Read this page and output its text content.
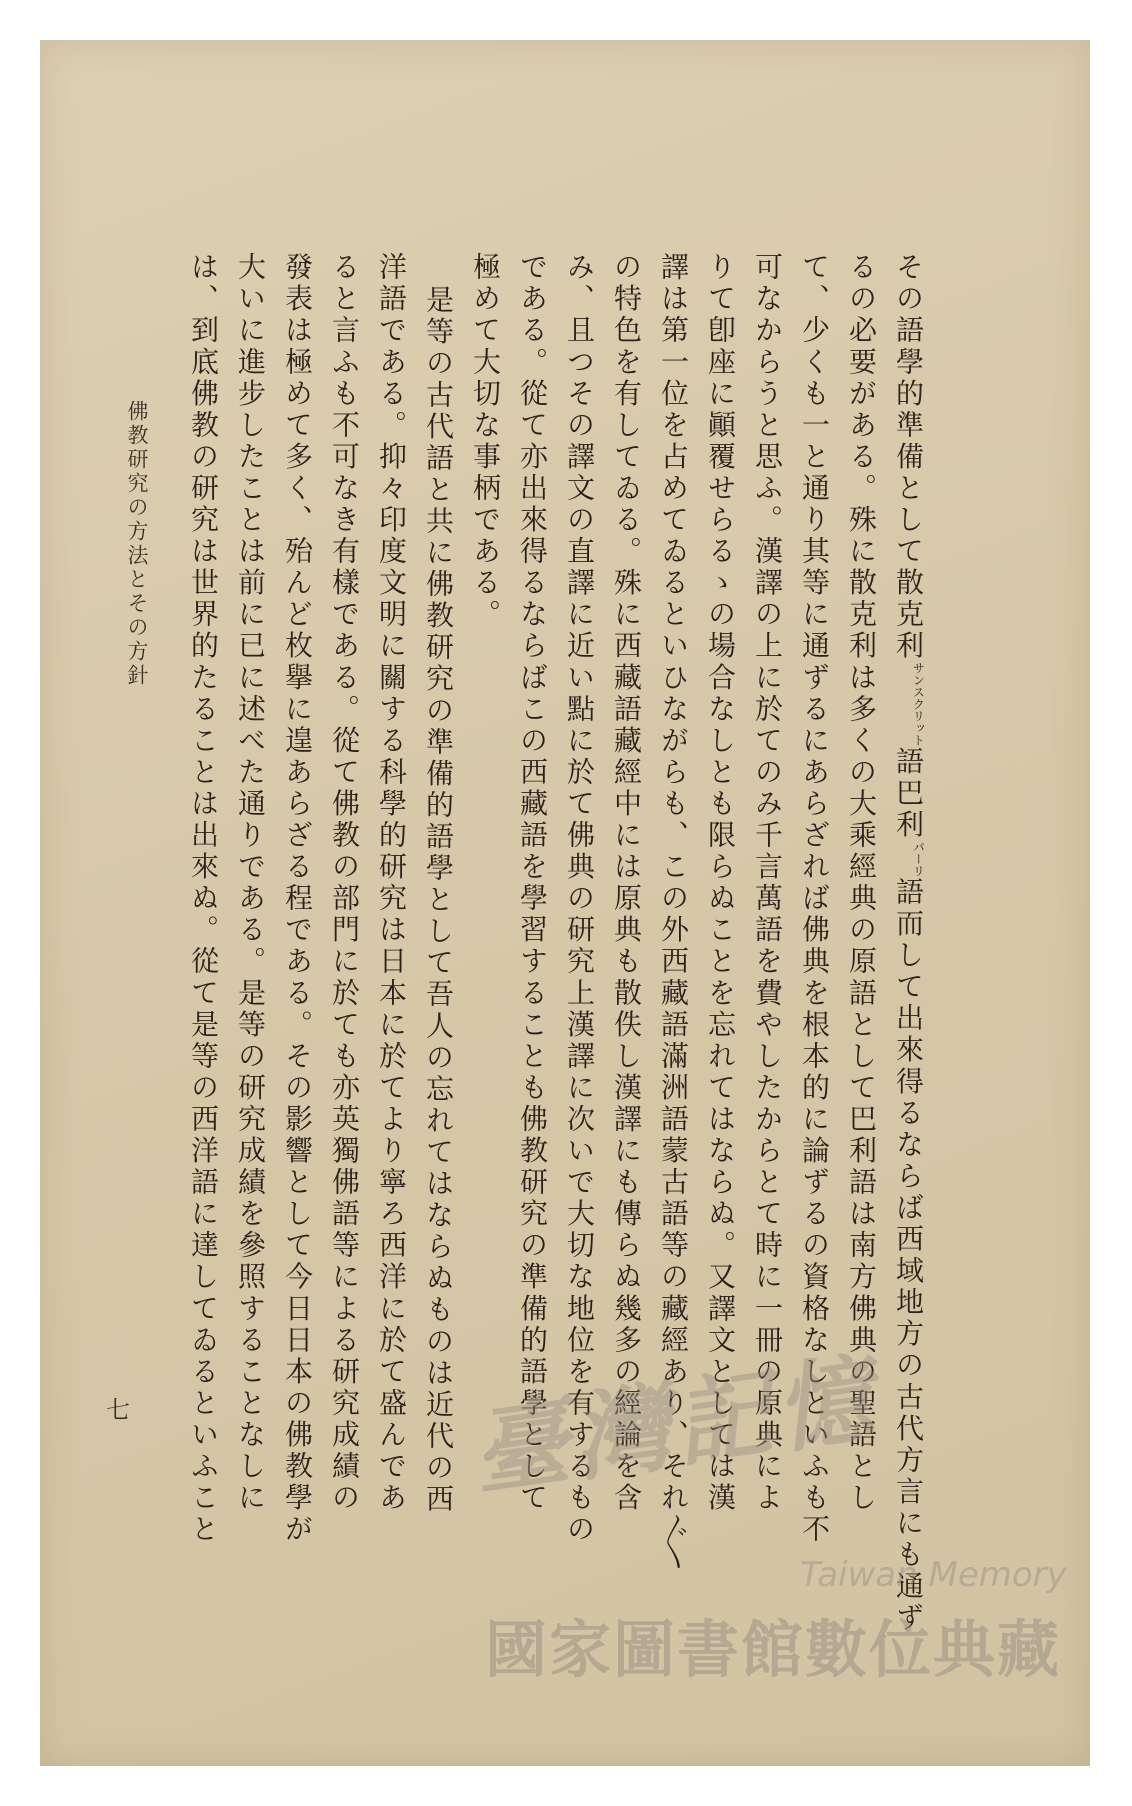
その語學的準備として散克利$^{サンスクリット}$語巴利$^{パーリ}$語而して出來得るならば西域地方の古代方言にも通ず
るの必要がある。殊に散克利は多くの大乘經典の原語として巴利語は南方佛典の聖語とし
て、少くも一と通り其等に通ずるにあらざれば佛典を根本的に論ずるの資格なしといふも不
可なからうと思ふ。漢譯の上に於てのみ千言萬語を費やしたからとて時に一冊の原典によ
りて卽座に顚覆せらるゝの場合なしとも限らぬことを忘れてはならぬ。又譯文としては漢
譯は第一位を占めてゐるといひながらも、この外西藏語滿洲語蒙古語等の藏經あり、それ〴〵
の特色を有してゐる。殊に西藏語藏經中には原典も散佚し漢譯にも傳らぬ幾多の經論を含
み、且つその譯文の直譯に近い點に於て佛典の研究上漢譯に次いで大切な地位を有するもの
である。從て亦出來得るならばこの西藏語を學習することも佛教研究の準備的語學として
極めて大切な事柄である。
是等の古代語と共に佛教研究の準備的語學として吾人の忘れてはならぬものは近代の西
洋語である。抑々印度文明に關する科學的研究は日本に於てより寧ろ西洋に於て盛んであ
ると言ふも不可なき有樣である。從て佛教の部門に於ても亦英獨佛語等による研究成績の
發表は極めて多く、殆んど枚擧に遑あらざる程である。その影響として今日日本の佛教學が
大いに進步したことは前に已に述べた通りである。是等の研究成績を參照することなしに
は、到底佛教の研究は世界的たることは出來ぬ。從て是等の西洋語に達してゐるといふこと
佛教研究の方法とその方針
七	臺灣記憶
Taiwan Memory
國家圖書館數位典藏
